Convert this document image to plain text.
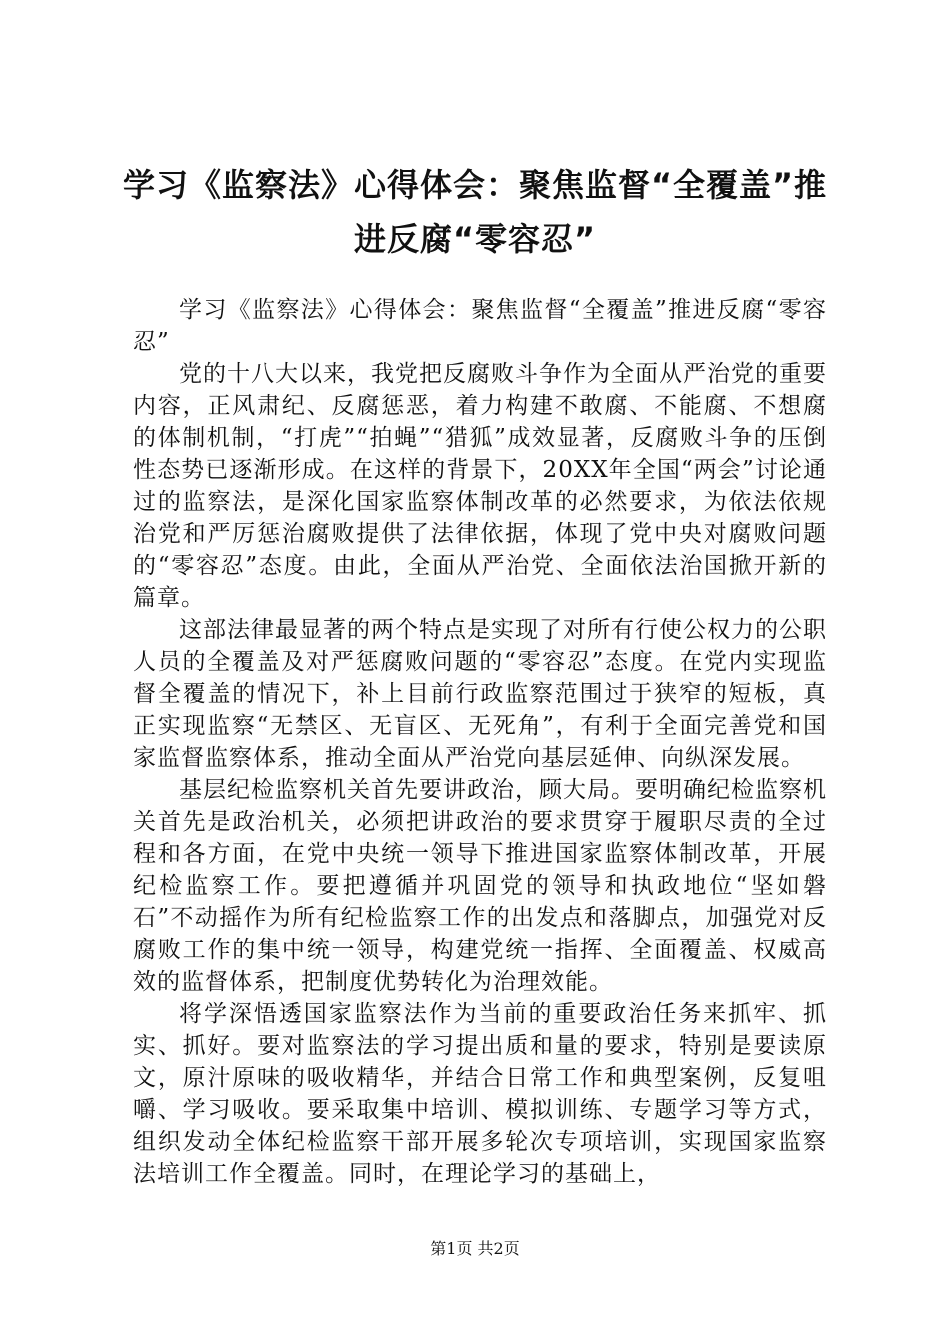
学习《监察法》心得体会：聚焦监督“全覆盖”推进反腐“零容忍”

学习《监察法》心得体会：聚焦监督“全覆盖”推进反腐“零容忍”

党的十八大以来，我党把反腐败斗争作为全面从严治党的重要内容，正风肃纪、反腐惩恶，着力构建不敢腐、不能腐、不想腐的体制机制，“打虎”“拍蝇”“猎狐”成效显著，反腐败斗争的压倒性态势已逐渐形成。在这样的背景下，20XX年全国“两会”讨论通过的监察法，是深化国家监察体制改革的必然要求，为依法依规治党和严厉惩治腐败提供了法律依据，体现了党中央对腐败问题的“零容忍”态度。由此，全面从严治党、全面依法治国掀开新的篇章。

这部法律最显著的两个特点是实现了对所有行使公权力的公职人员的全覆盖及对严惩腐败问题的“零容忍”态度。在党内实现监督全覆盖的情况下，补上目前行政监察范围过于狭窄的短板，真正实现监察“无禁区、无盲区、无死角”，有利于全面完善党和国家监督监察体系，推动全面从严治党向基层延伸、向纵深发展。

基层纪检监察机关首先要讲政治，顾大局。要明确纪检监察机关首先是政治机关，必须把讲政治的要求贯穿于履职尽责的全过程和各方面，在党中央统一领导下推进国家监察体制改革，开展纪检监察工作。要把遵循并巩固党的领导和执政地位“坚如磐石”不动摇作为所有纪检监察工作的出发点和落脚点，加强党对反腐败工作的集中统一领导，构建党统一指挥、全面覆盖、权威高效的监督体系，把制度优势转化为治理效能。

将学深悟透国家监察法作为当前的重要政治任务来抓牢、抓实、抓好。要对监察法的学习提出质和量的要求，特别是要读原文，原汁原味的吸收精华，并结合日常工作和典型案例，反复咀嚼、学习吸收。要采取集中培训、模拟训练、专题学习等方式，组织发动全体纪检监察干部开展多轮次专项培训，实现国家监察法培训工作全覆盖。同时，在理论学习的基础上，

第1页 共2页
